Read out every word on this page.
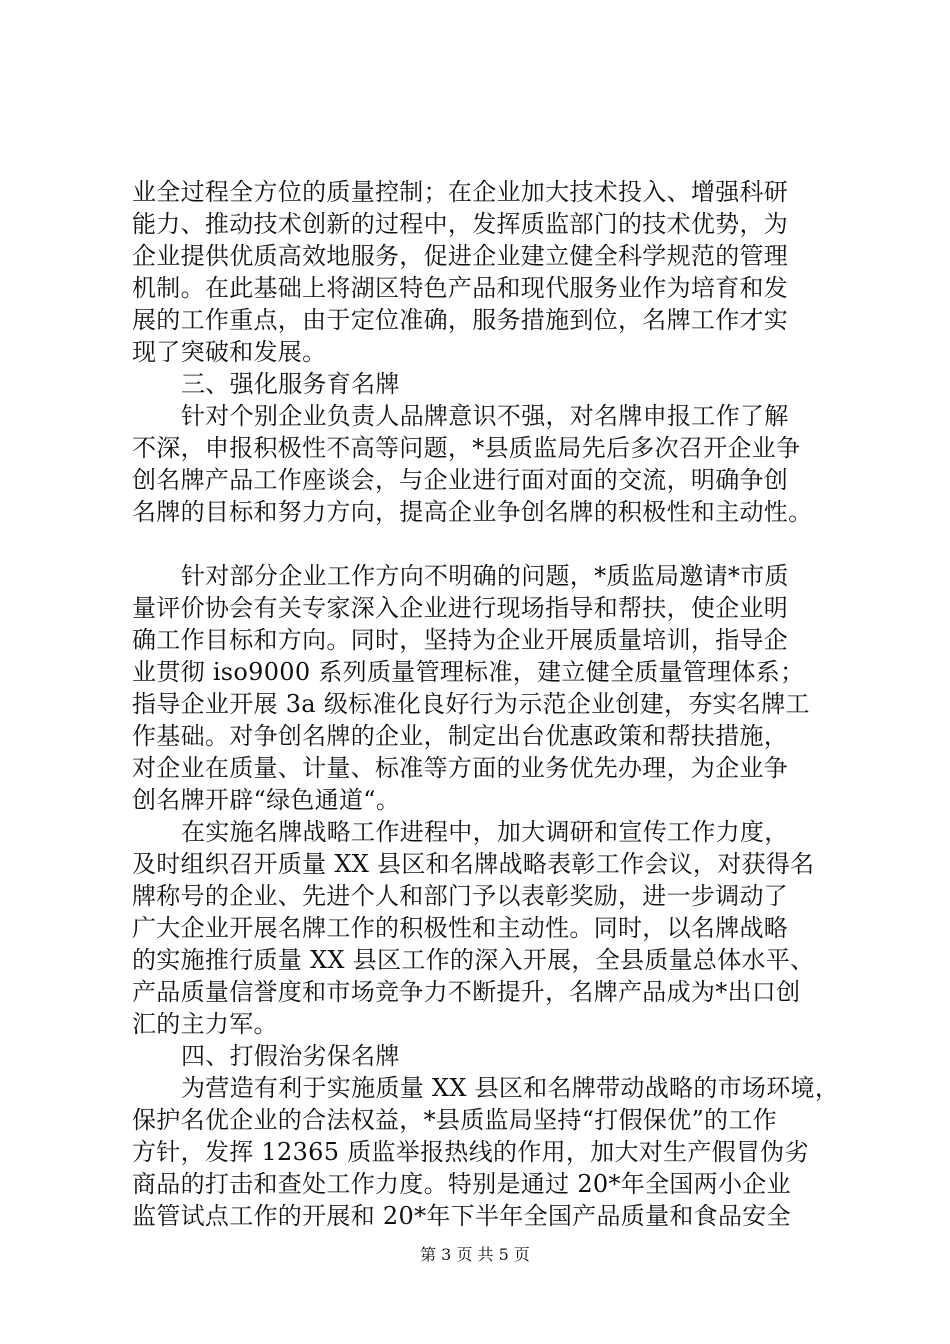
业全过程全方位的质量控制；在企业加大技术投入、增强科研
能力、推动技术创新的过程中，发挥质监部门的技术优势，为
企业提供优质高效地服务，促进企业建立健全科学规范的管理
机制。在此基础上将湖区特色产品和现代服务业作为培育和发
展的工作重点，由于定位准确，服务措施到位，名牌工作才实
现了突破和发展。
三、强化服务育名牌
针对个别企业负责人品牌意识不强，对名牌申报工作了解
不深，申报积极性不高等问题，*县质监局先后多次召开企业争
创名牌产品工作座谈会，与企业进行面对面的交流，明确争创
名牌的目标和努力方向，提高企业争创名牌的积极性和主动性。
针对部分企业工作方向不明确的问题，*质监局邀请*市质
量评价协会有关专家深入企业进行现场指导和帮扶，使企业明
确工作目标和方向。同时，坚持为企业开展质量培训，指导企
业贯彻 iso9000 系列质量管理标准，建立健全质量管理体系；
指导企业开展 3a 级标准化良好行为示范企业创建，夯实名牌工
作基础。对争创名牌的企业，制定出台优惠政策和帮扶措施，
对企业在质量、计量、标准等方面的业务优先办理，为企业争
创名牌开辟“绿色通道“。
在实施名牌战略工作进程中，加大调研和宣传工作力度，
及时组织召开质量 XX 县区和名牌战略表彰工作会议，对获得名
牌称号的企业、先进个人和部门予以表彰奖励，进一步调动了
广大企业开展名牌工作的积极性和主动性。同时，以名牌战略
的实施推行质量 XX 县区工作的深入开展，全县质量总体水平、
产品质量信誉度和市场竞争力不断提升，名牌产品成为*出口创
汇的主力军。
四、打假治劣保名牌
为营造有利于实施质量 XX 县区和名牌带动战略的市场环境，
保护名优企业的合法权益，*县质监局坚持“打假保优”的工作
方针，发挥 12365 质监举报热线的作用，加大对生产假冒伪劣
商品的打击和查处工作力度。特别是通过 20*年全国两小企业
监管试点工作的开展和 20*年下半年全国产品质量和食品安全
第 3 页 共 5 页
